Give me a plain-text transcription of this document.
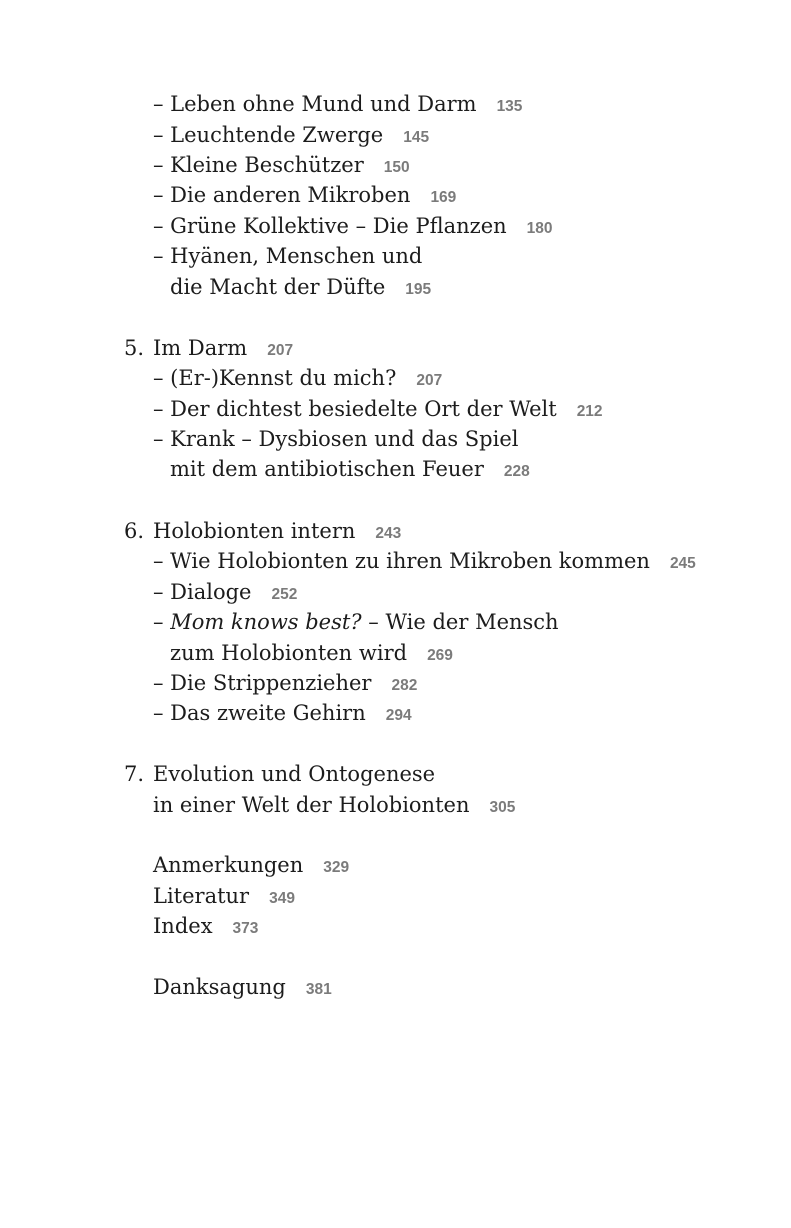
– Leben ohne Mund und Darm 135
– Leuchtende Zwerge 145
– Kleine Beschützer 150
– Die anderen Mikroben 169
– Grüne Kollektive – Die Pflanzen 180
– Hyänen, Menschen und
die Macht der Düfte 195
5. Im Darm 207
– (Er-)Kennst du mich? 207
– Der dichtest besiedelte Ort der Welt 212
– Krank – Dysbiosen und das Spiel
mit dem antibiotischen Feuer 228
6. Holobionten intern 243
– Wie Holobionten zu ihren Mikroben kommen 245
– Dialoge 252
– Mom knows best? – Wie der Mensch
zum Holobionten wird 269
– Die Strippenzieher 282
– Das zweite Gehirn 294
7. Evolution und Ontogenese
in einer Welt der Holobionten 305
Anmerkungen 329
Literatur 349
Index 373
Danksagung 381
